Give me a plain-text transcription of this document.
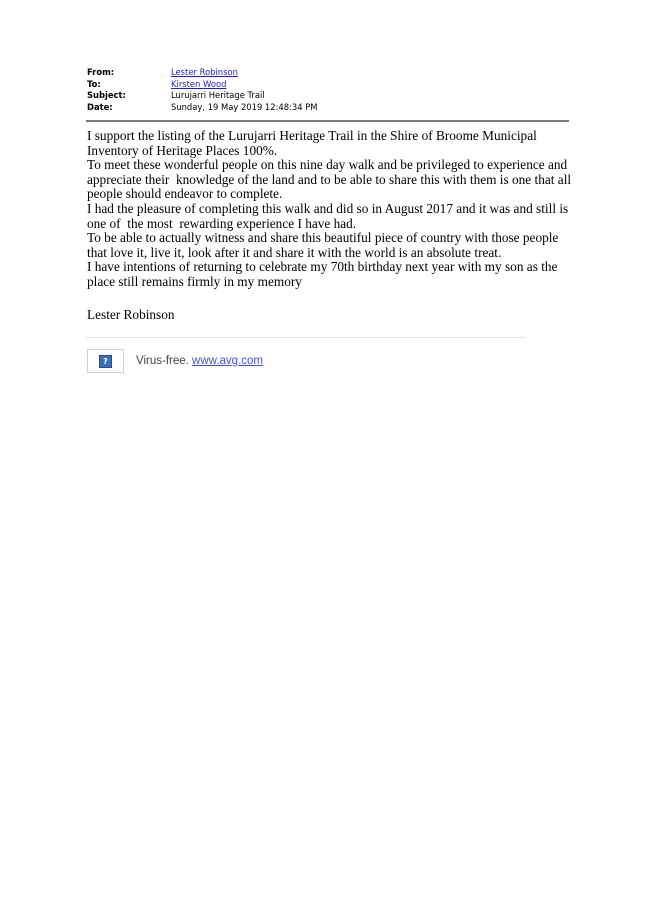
From:	Lester Robinson
To:	Kirsten Wood
Subject:	Lurujarri Heritage Trail
Date:	Sunday, 19 May 2019 12:48:34 PM

I support the listing of the Lurujarri Heritage Trail in the Shire of Broome Municipal Inventory of Heritage Places 100%.

To meet these wonderful people on this nine day walk and be privileged to experience and appreciate their  knowledge of the land and to be able to share this with them is one that all people should endeavor to complete.

I had the pleasure of completing this walk and did so in August 2017 and it was and still is one of  the most  rewarding experience I have had.

To be able to actually witness and share this beautiful piece of country with those people that love it, live it, look after it and share it with the world is an absolute treat.

I have intentions of returning to celebrate my 70th birthday next year with my son as the place still remains firmly in my memory

Lester Robinson
?	Virus-free. www.avg.com
